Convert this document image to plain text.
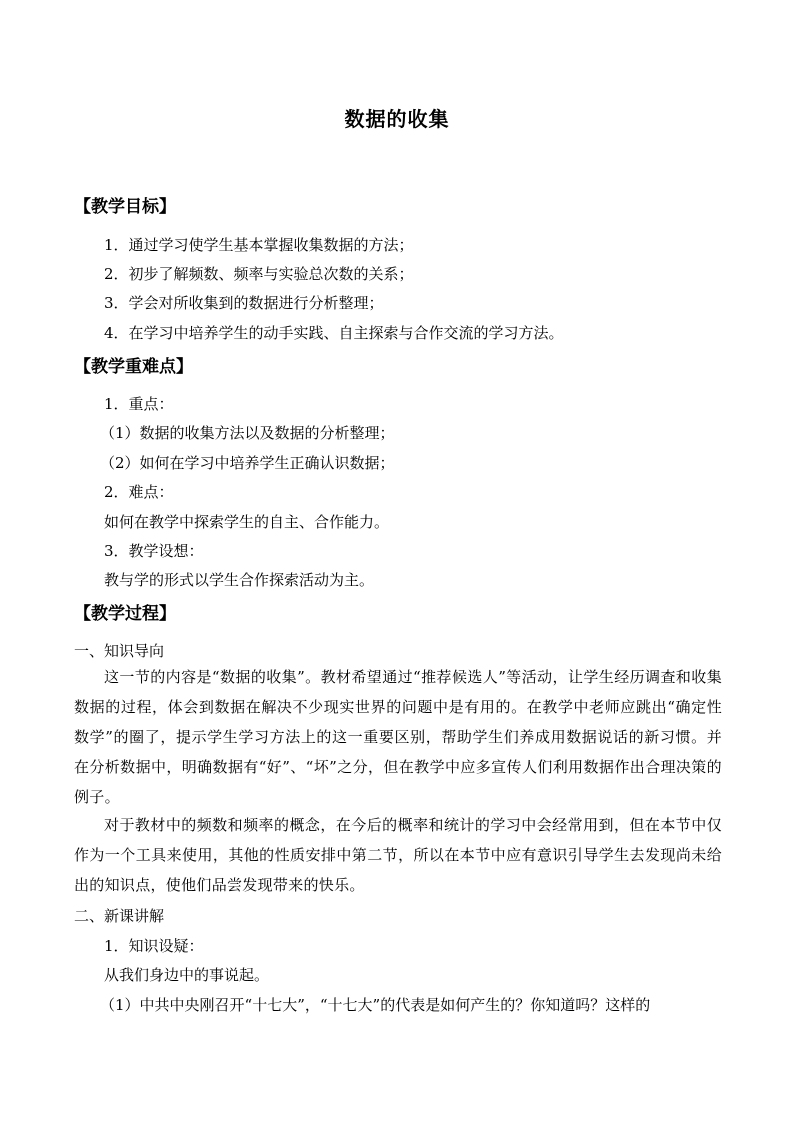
数据的收集
【教学目标】
1．通过学习使学生基本掌握收集数据的方法；
2．初步了解频数、频率与实验总次数的关系；
3．学会对所收集到的数据进行分析整理；
4．在学习中培养学生的动手实践、自主探索与合作交流的学习方法。
【教学重难点】
1．重点：
（1）数据的收集方法以及数据的分析整理；
（2）如何在学习中培养学生正确认识数据；
2．难点：
如何在教学中探索学生的自主、合作能力。
3．教学设想：
教与学的形式以学生合作探索活动为主。
【教学过程】
一、知识导向
这一节的内容是“数据的收集”。教材希望通过“推荐候选人”等活动，让学生经历调查和收集数据的过程，体会到数据在解决不少现实世界的问题中是有用的。在教学中老师应跳出“确定性数学”的圈了，提示学生学习方法上的这一重要区别，帮助学生们养成用数据说话的新习惯。并在分析数据中，明确数据有“好”、“坏”之分，但在教学中应多宣传人们利用数据作出合理决策的例子。
对于教材中的频数和频率的概念，在今后的概率和统计的学习中会经常用到，但在本节中仅作为一个工具来使用，其他的性质安排中第二节，所以在本节中应有意识引导学生去发现尚未给出的知识点，使他们品尝发现带来的快乐。
二、新课讲解
1．知识设疑：
从我们身边中的事说起。
（1）中共中央刚召开“十七大”，“十七大”的代表是如何产生的？你知道吗？这样的
